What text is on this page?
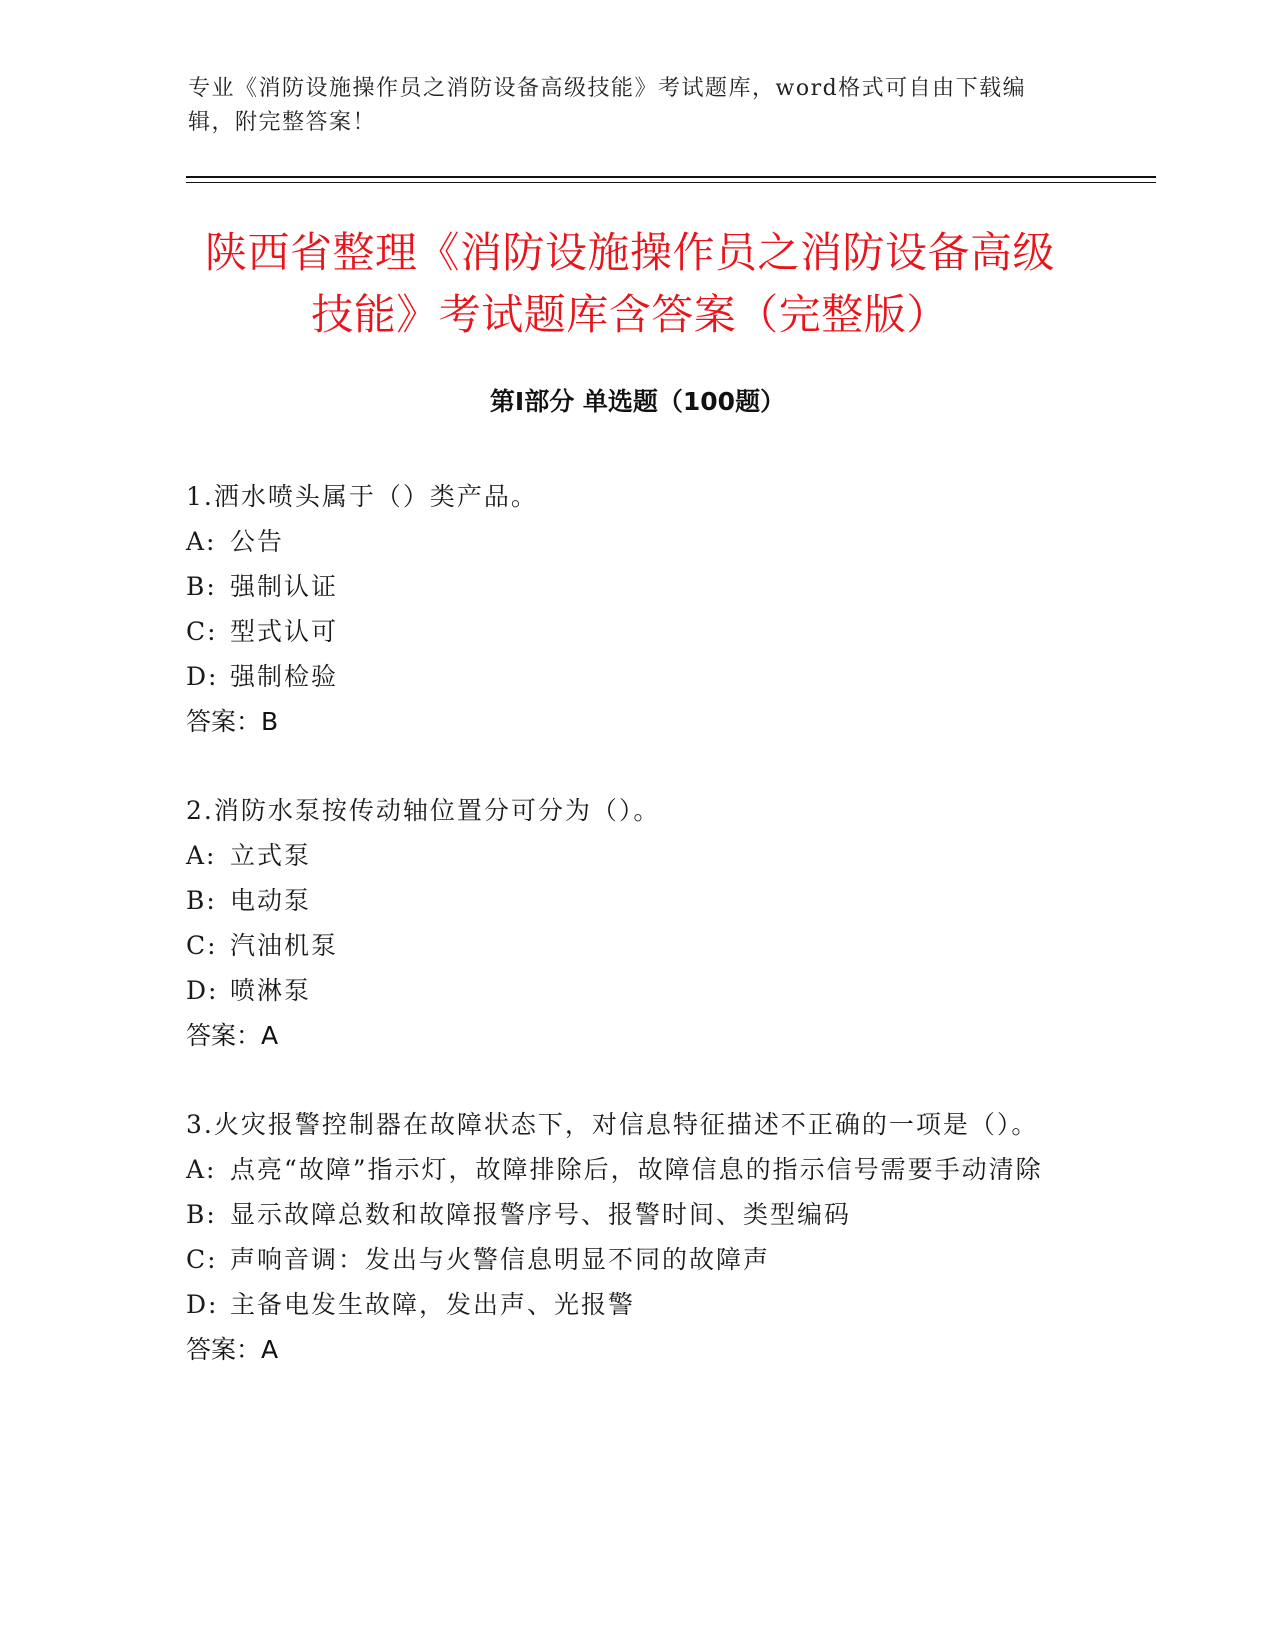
专业《消防设施操作员之消防设备高级技能》考试题库，word格式可自由下载编辑，附完整答案！
陕西省整理《消防设施操作员之消防设备高级技能》考试题库含答案（完整版）
第I部分 单选题（100题）
1.洒水喷头属于（）类产品。
A: 公告
B: 强制认证
C: 型式认可
D: 强制检验
答案：B
2.消防水泵按传动轴位置分可分为（）。
A: 立式泵
B: 电动泵
C: 汽油机泵
D: 喷淋泵
答案：A
3.火灾报警控制器在故障状态下，对信息特征描述不正确的一项是（）。
A: 点亮“故障”指示灯，故障排除后，故障信息的指示信号需要手动清除
B: 显示故障总数和故障报警序号、报警时间、类型编码
C: 声响音调：发出与火警信息明显不同的故障声
D: 主备电发生故障，发出声、光报警
答案：A
